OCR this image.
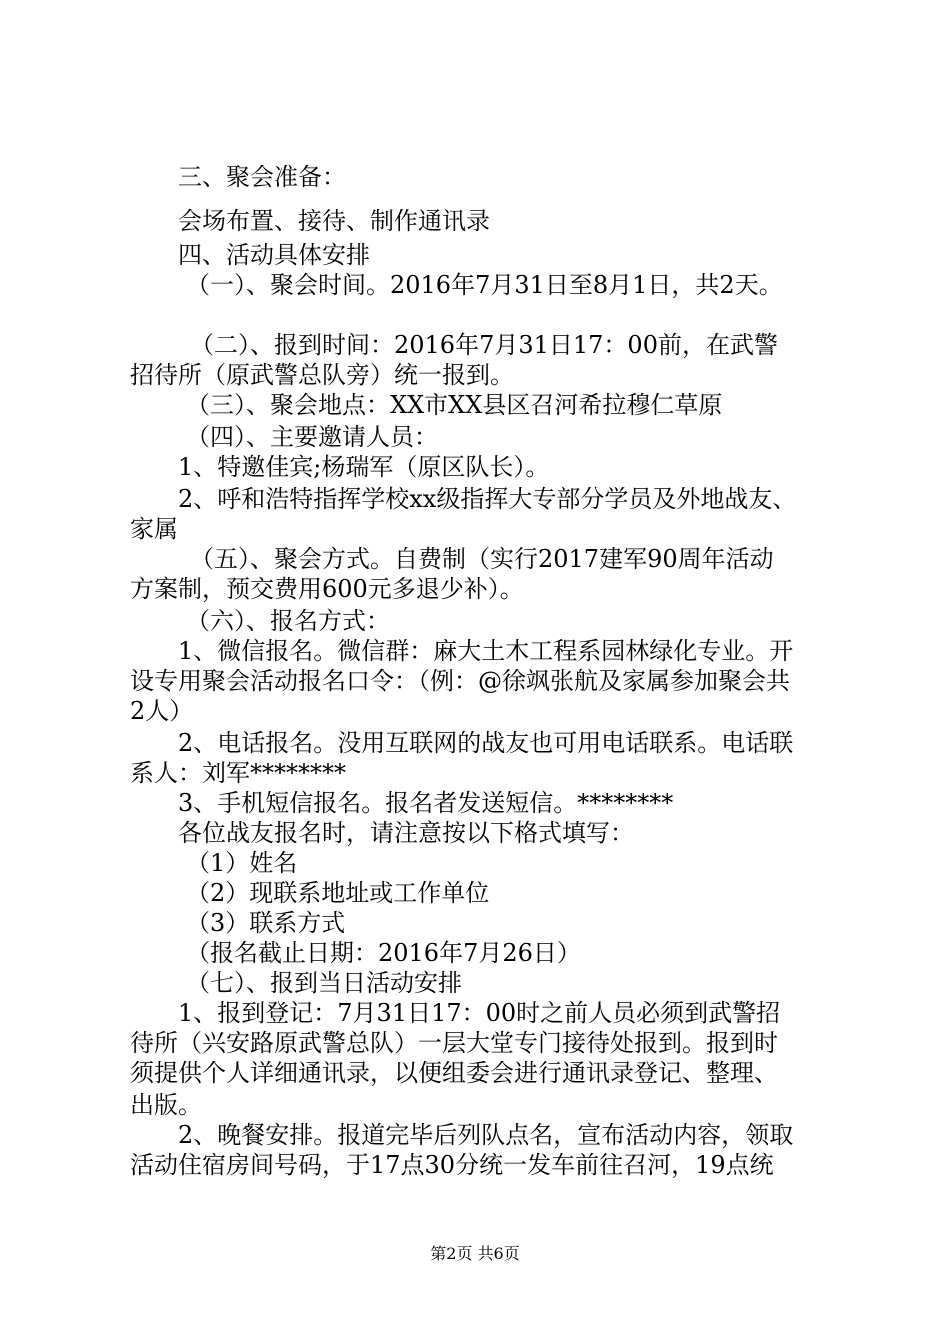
三、聚会准备：
会场布置、接待、制作通讯录
四、活动具体安排
（一）、聚会时间。2016年7月31日至8月1日，共2天。
（二）、报到时间：2016年7月31日17：00前，在武警
招待所（原武警总队旁）统一报到。
（三）、聚会地点：XX市XX县区召河希拉穆仁草原
（四）、主要邀请人员：
1、特邀佳宾;杨瑞军（原区队长）。
2、呼和浩特指挥学校xx级指挥大专部分学员及外地战友、
家属
（五）、聚会方式。自费制（实行2017建军90周年活动
方案制，预交费用600元多退少补）。
（六）、报名方式：
1、微信报名。微信群：麻大土木工程系园林绿化专业。开
设专用聚会活动报名口令：（例：@徐飒张航及家属参加聚会共
2人）
2、电话报名。没用互联网的战友也可用电话联系。电话联
系人：刘军********
3、手机短信报名。报名者发送短信。********
各位战友报名时，请注意按以下格式填写：
（1）姓名
（2）现联系地址或工作单位
（3）联系方式
（报名截止日期：2016年7月26日）
（七）、报到当日活动安排
1、报到登记：7月31日17：00时之前人员必须到武警招
待所（兴安路原武警总队）一层大堂专门接待处报到。报到时
须提供个人详细通讯录，以便组委会进行通讯录登记、整理、
出版。
2、晚餐安排。报道完毕后列队点名，宣布活动内容，领取
活动住宿房间号码，于17点30分统一发车前往召河，19点统
第2页 共6页
